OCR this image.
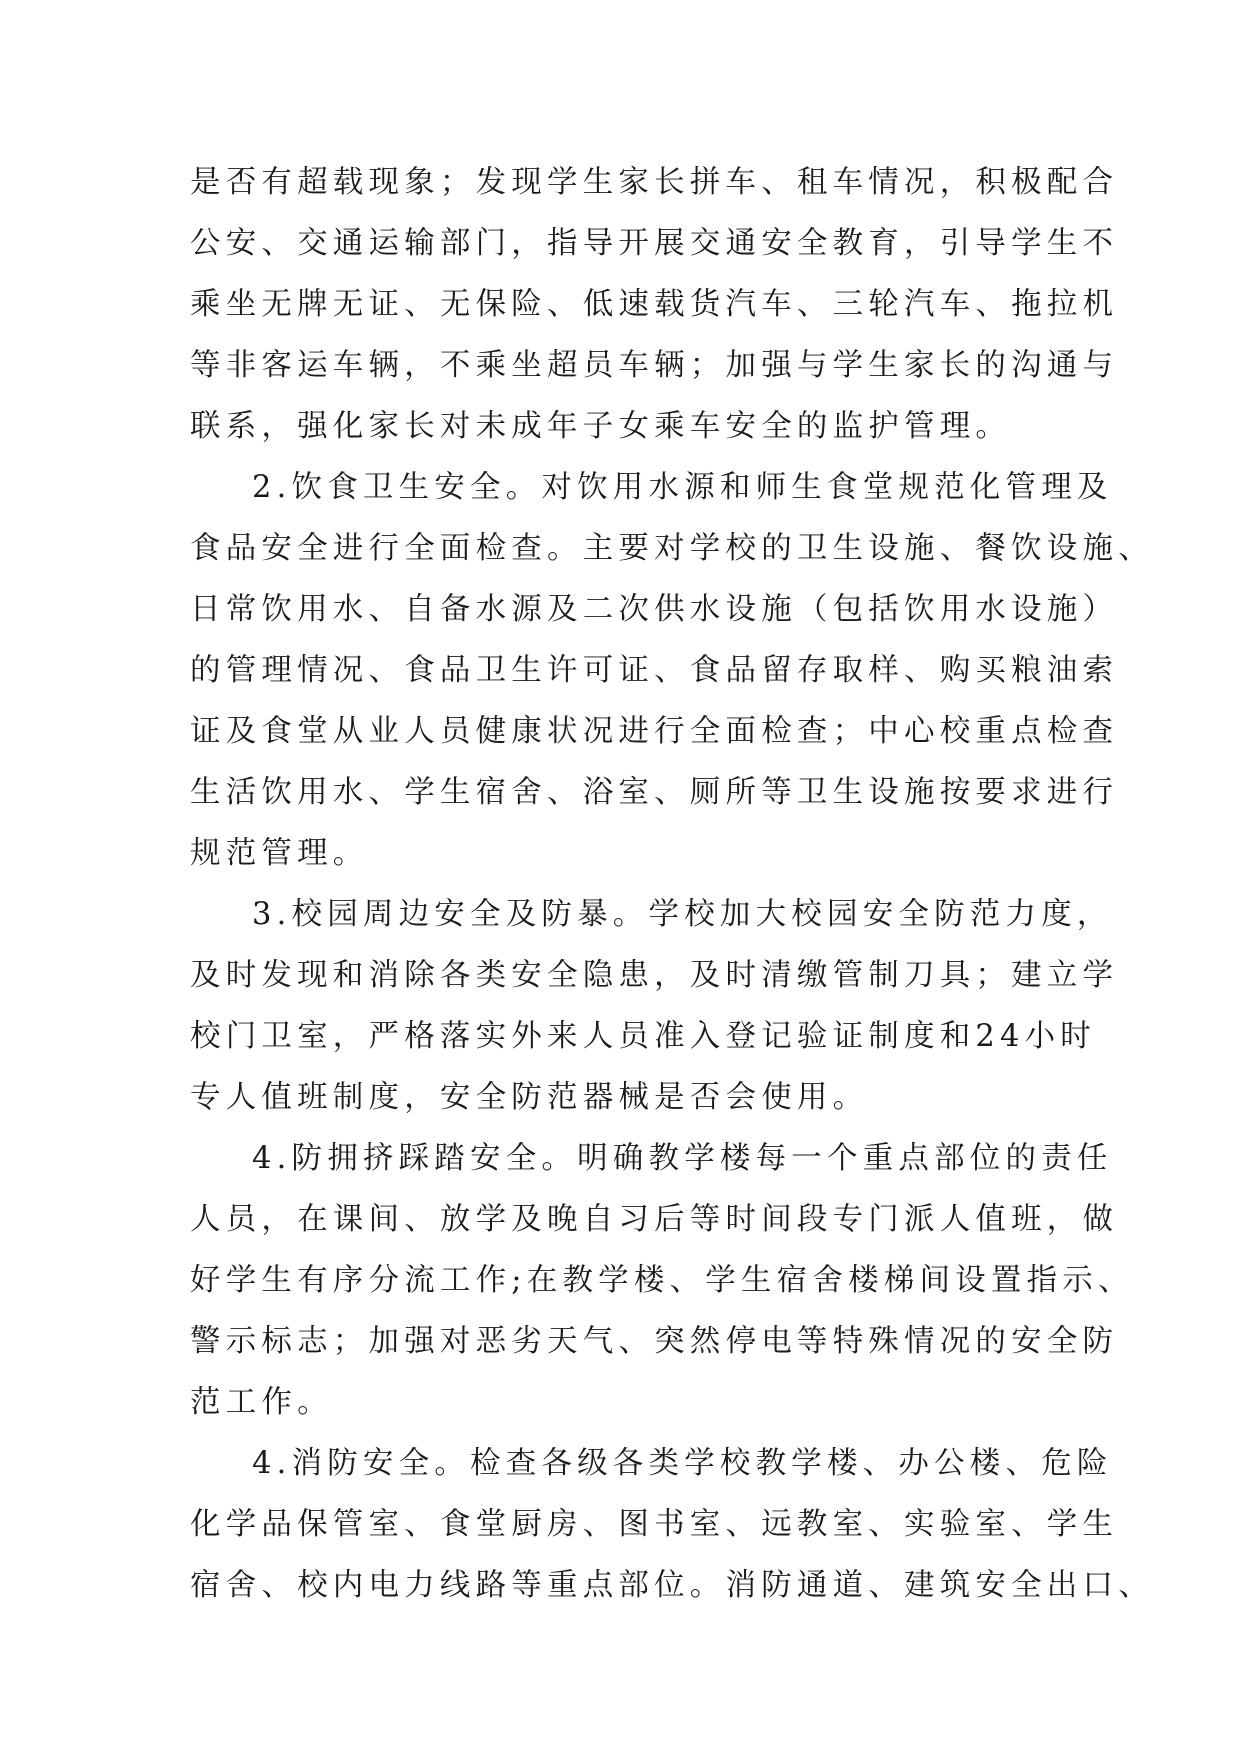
是否有超载现象；发现学生家长拼车、租车情况，积极配合
公安、交通运输部门，指导开展交通安全教育，引导学生不
乘坐无牌无证、无保险、低速载货汽车、三轮汽车、拖拉机
等非客运车辆，不乘坐超员车辆；加强与学生家长的沟通与
联系，强化家长对未成年子女乘车安全的监护管理。
2.饮食卫生安全。对饮用水源和师生食堂规范化管理及
食品安全进行全面检查。主要对学校的卫生设施、餐饮设施、
日常饮用水、自备水源及二次供水设施（包括饮用水设施）
的管理情况、食品卫生许可证、食品留存取样、购买粮油索
证及食堂从业人员健康状况进行全面检查；中心校重点检查
生活饮用水、学生宿舍、浴室、厕所等卫生设施按要求进行
规范管理。
3.校园周边安全及防暴。学校加大校园安全防范力度，
及时发现和消除各类安全隐患，及时清缴管制刀具；建立学
校门卫室，严格落实外来人员准入登记验证制度和24小时
专人值班制度，安全防范器械是否会使用。
4.防拥挤踩踏安全。明确教学楼每一个重点部位的责任
人员，在课间、放学及晚自习后等时间段专门派人值班，做
好学生有序分流工作;在教学楼、学生宿舍楼梯间设置指示、
警示标志；加强对恶劣天气、突然停电等特殊情况的安全防
范工作。
4.消防安全。检查各级各类学校教学楼、办公楼、危险
化学品保管室、食堂厨房、图书室、远教室、实验室、学生
宿舍、校内电力线路等重点部位。消防通道、建筑安全出口、
